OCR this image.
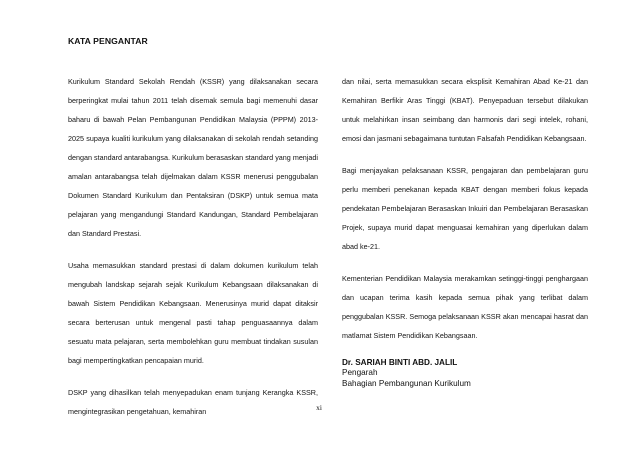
KATA PENGANTAR

Kurikulum Standard Sekolah Rendah (KSSR) yang dilaksanakan secara berperingkat mulai tahun 2011 telah disemak semula bagi memenuhi dasar baharu di bawah Pelan Pembangunan Pendidikan Malaysia (PPPM) 2013-2025 supaya kualiti kurikulum yang dilaksanakan di sekolah rendah setanding dengan standard antarabangsa. Kurikulum berasaskan standard yang menjadi amalan antarabangsa telah dijelmakan dalam KSSR menerusi penggubalan Dokumen Standard Kurikulum dan Pentaksiran (DSKP) untuk semua mata pelajaran yang mengandungi Standard Kandungan, Standard Pembelajaran dan Standard Prestasi.

Usaha memasukkan standard prestasi di dalam dokumen kurikulum telah mengubah landskap sejarah sejak Kurikulum Kebangsaan dilaksanakan di bawah Sistem Pendidikan Kebangsaan. Menerusinya murid dapat ditaksir secara berterusan untuk mengenal pasti tahap penguasaannya dalam sesuatu mata pelajaran, serta membolehkan guru membuat tindakan susulan bagi mempertingkatkan pencapaian murid.

DSKP yang dihasilkan telah menyepadukan enam tunjang Kerangka KSSR, mengintegrasikan pengetahuan, kemahiran

dan nilai, serta memasukkan secara eksplisit Kemahiran Abad Ke-21 dan Kemahiran Berfikir Aras Tinggi (KBAT). Penyepaduan tersebut dilakukan untuk melahirkan insan seimbang dan harmonis dari segi intelek, rohani, emosi dan jasmani sebagaimana tuntutan Falsafah Pendidikan Kebangsaan.

Bagi menjayakan pelaksanaan KSSR, pengajaran dan pembelajaran guru perlu memberi penekanan kepada KBAT dengan memberi fokus kepada pendekatan Pembelajaran Berasaskan Inkuiri dan Pembelajaran Berasaskan Projek, supaya murid dapat menguasai kemahiran yang diperlukan dalam abad ke-21.

Kementerian Pendidikan Malaysia merakamkan setinggi-tinggi penghargaan dan ucapan terima kasih kepada semua pihak yang terlibat dalam penggubalan KSSR. Semoga pelaksanaan KSSR akan mencapai hasrat dan matlamat Sistem Pendidikan Kebangsaan.

Dr. SARIAH BINTI ABD. JALIL
Pengarah
Bahagian Pembangunan Kurikulum
xi
